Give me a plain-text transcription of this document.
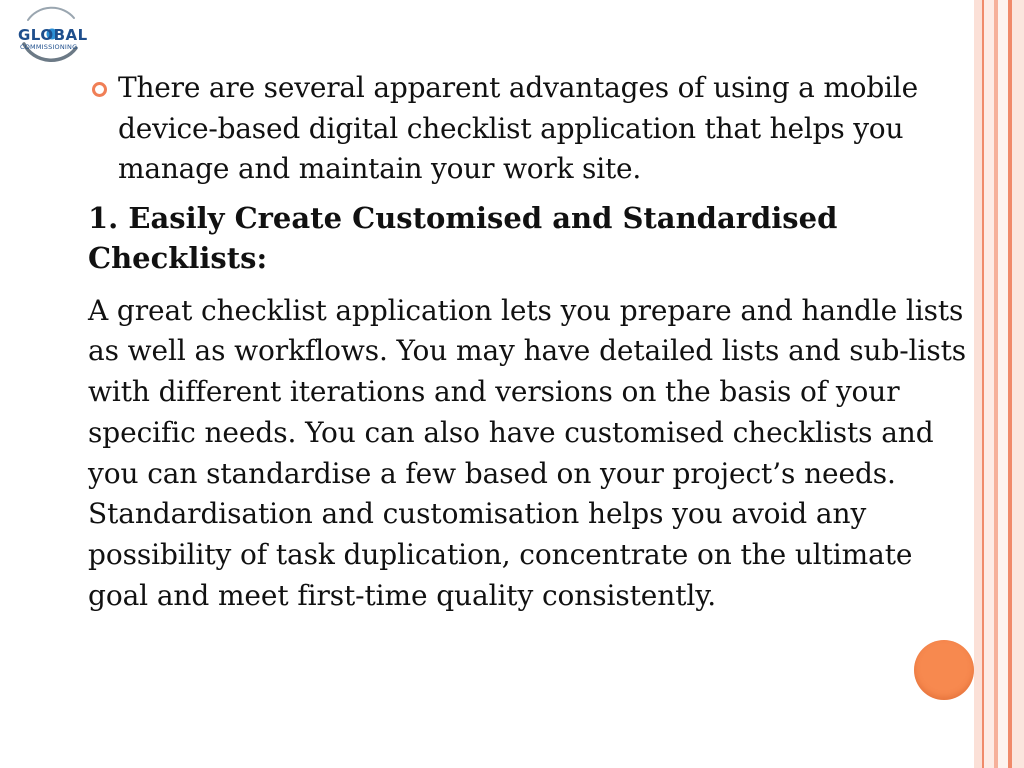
GLOBAL
COMMISSIONING
There are several apparent advantages of using a mobile device-based digital checklist application that helps you manage and maintain your work site.
1. Easily Create Customised and Standardised Checklists:
A great checklist application lets you prepare and handle lists as well as workflows. You may have detailed lists and sub-lists with different iterations and versions on the basis of your specific needs. You can also have customised checklists and you can standardise a few based on your project’s needs. Standardisation and customisation helps you avoid any possibility of task duplication, concentrate on the ultimate goal and meet first-time quality consistently.
